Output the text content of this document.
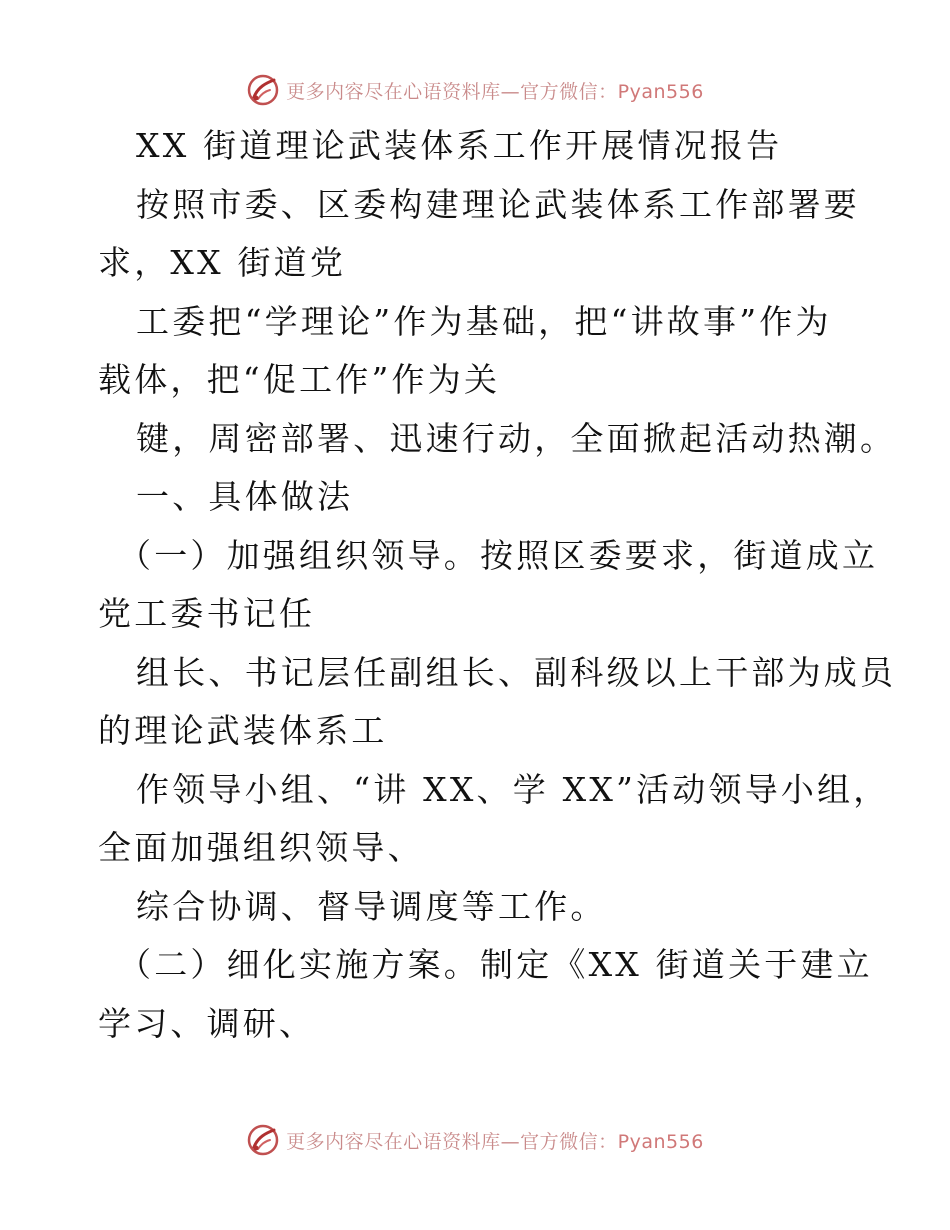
更多内容尽在心语资料库—官方微信：Pyan556
XX 街道理论武装体系工作开展情况报告
按照市委、区委构建理论武装体系工作部署要
求，XX 街道党
工委把“学理论”作为基础，把“讲故事”作为
载体，把“促工作”作为关
键，周密部署、迅速行动，全面掀起活动热潮。
一、具体做法
（一）加强组织领导。按照区委要求，街道成立
党工委书记任
组长、书记层任副组长、副科级以上干部为成员
的理论武装体系工
作领导小组、“讲 XX、学 XX”活动领导小组，
全面加强组织领导、
综合协调、督导调度等工作。
（二）细化实施方案。制定《XX 街道关于建立
学习、调研、
更多内容尽在心语资料库—官方微信：Pyan556
